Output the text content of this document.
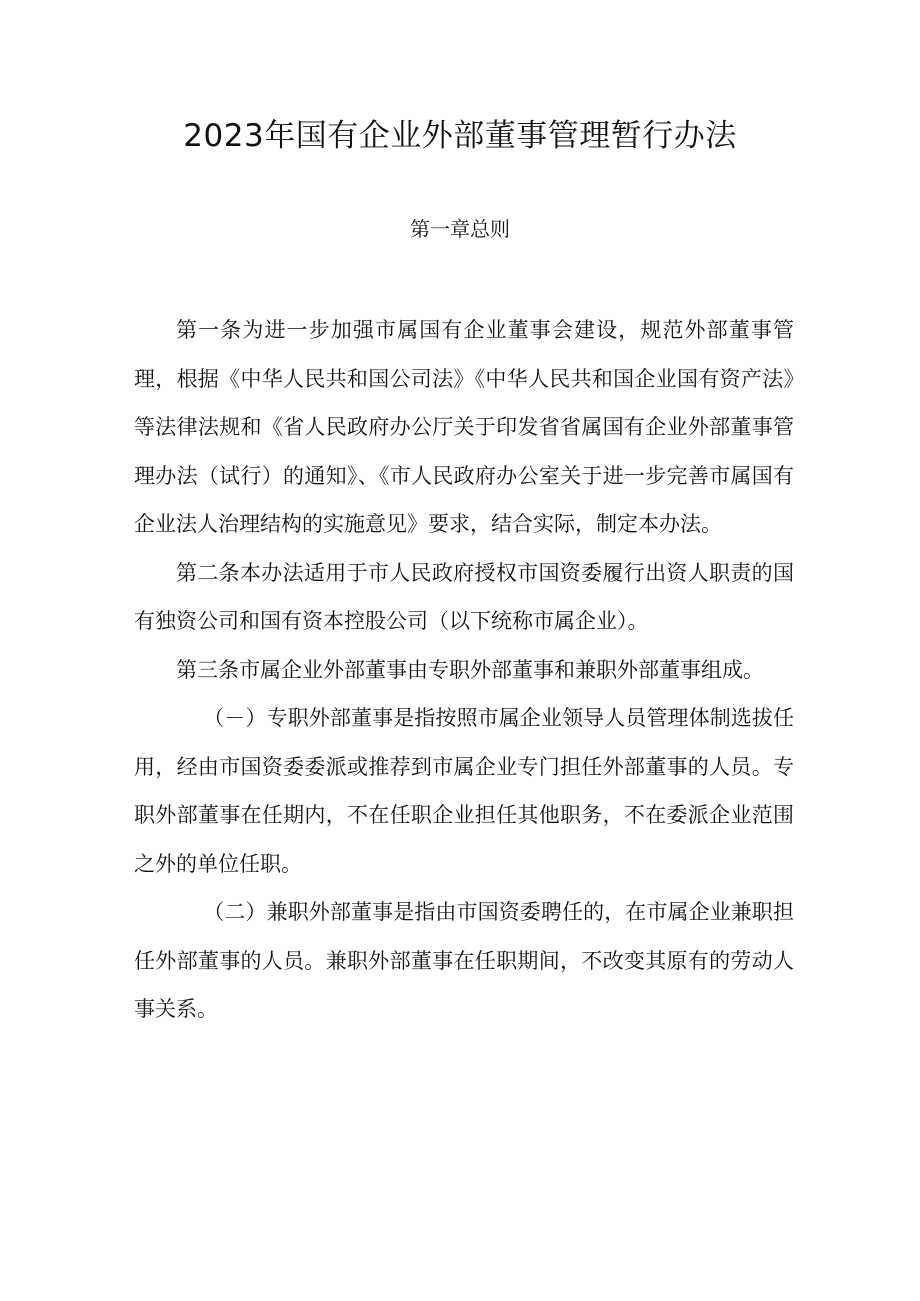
2023年国有企业外部董事管理暂行办法
第一章总则

第一条为进一步加强市属国有企业董事会建设，规范外部董事管理，根据《中华人民共和国公司法》《中华人民共和国企业国有资产法》等法律法规和《省人民政府办公厅关于印发省省属国有企业外部董事管理办法（试行）的通知》、《市人民政府办公室关于进一步完善市属国有企业法人治理结构的实施意见》要求，结合实际，制定本办法。

第二条本办法适用于市人民政府授权市国资委履行出资人职责的国有独资公司和国有资本控股公司（以下统称市属企业）。

第三条市属企业外部董事由专职外部董事和兼职外部董事组成。

（－）专职外部董事是指按照市属企业领导人员管理体制选拔任用，经由市国资委委派或推荐到市属企业专门担任外部董事的人员。专职外部董事在任期内，不在任职企业担任其他职务，不在委派企业范围之外的单位任职。

（二）兼职外部董事是指由市国资委聘任的，在市属企业兼职担任外部董事的人员。兼职外部董事在任职期间，不改变其原有的劳动人事关系。
